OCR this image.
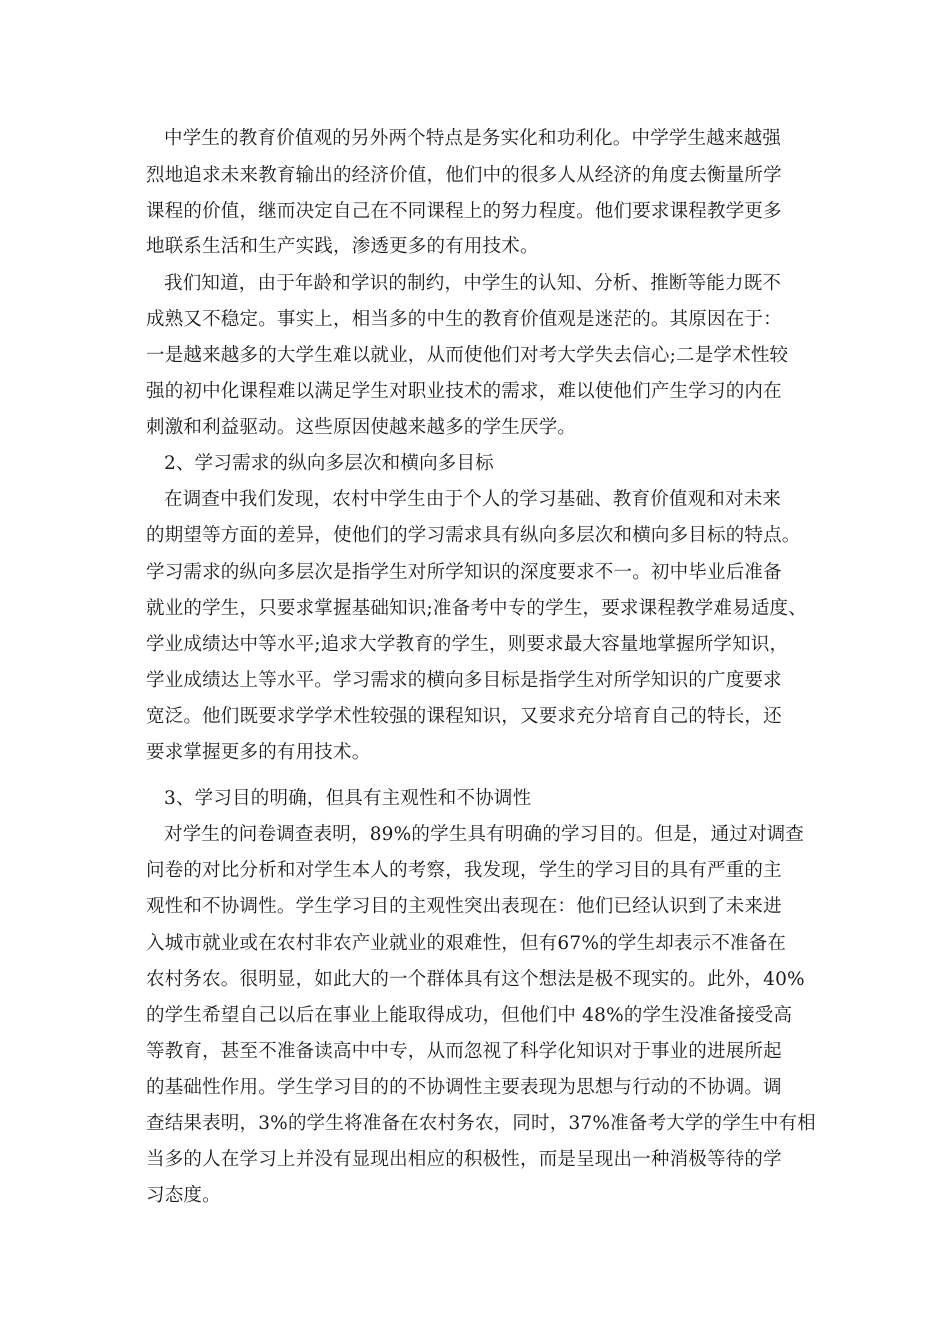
中学生的教育价值观的另外两个特点是务实化和功利化。中学学生越来越强

烈地追求未来教育输出的经济价值，他们中的很多人从经济的角度去衡量所学

课程的价值，继而决定自己在不同课程上的努力程度。他们要求课程教学更多

地联系生活和生产实践，渗透更多的有用技术。

我们知道，由于年龄和学识的制约，中学生的认知、分析、推断等能力既不

成熟又不稳定。事实上，相当多的中生的教育价值观是迷茫的。其原因在于：

一是越来越多的大学生难以就业，从而使他们对考大学失去信心;二是学术性较

强的初中化课程难以满足学生对职业技术的需求，难以使他们产生学习的内在

刺激和利益驱动。这些原因使越来越多的学生厌学。

2、学习需求的纵向多层次和横向多目标

在调查中我们发现，农村中学生由于个人的学习基础、教育价值观和对未来

的期望等方面的差异，使他们的学习需求具有纵向多层次和横向多目标的特点。

学习需求的纵向多层次是指学生对所学知识的深度要求不一。初中毕业后准备

就业的学生，只要求掌握基础知识;准备考中专的学生，要求课程教学难易适度、

学业成绩达中等水平;追求大学教育的学生，则要求最大容量地掌握所学知识，

学业成绩达上等水平。学习需求的横向多目标是指学生对所学知识的广度要求

宽泛。他们既要求学学术性较强的课程知识，又要求充分培育自己的特长，还

要求掌握更多的有用技术。

3、学习目的明确，但具有主观性和不协调性

对学生的问卷调查表明，89%的学生具有明确的学习目的。但是，通过对调查

问卷的对比分析和对学生本人的考察，我发现，学生的学习目的具有严重的主

观性和不协调性。学生学习目的主观性突出表现在：他们已经认识到了未来进

入城市就业或在农村非农产业就业的艰难性，但有67%的学生却表示不准备在

农村务农。很明显，如此大的一个群体具有这个想法是极不现实的。此外，40%

的学生希望自己以后在事业上能取得成功，但他们中 48%的学生没准备接受高

等教育，甚至不准备读高中中专，从而忽视了科学化知识对于事业的进展所起

的基础性作用。学生学习目的的不协调性主要表现为思想与行动的不协调。调

查结果表明，3%的学生将准备在农村务农，同时，37%准备考大学的学生中有相

当多的人在学习上并没有显现出相应的积极性，而是呈现出一种消极等待的学

习态度。
